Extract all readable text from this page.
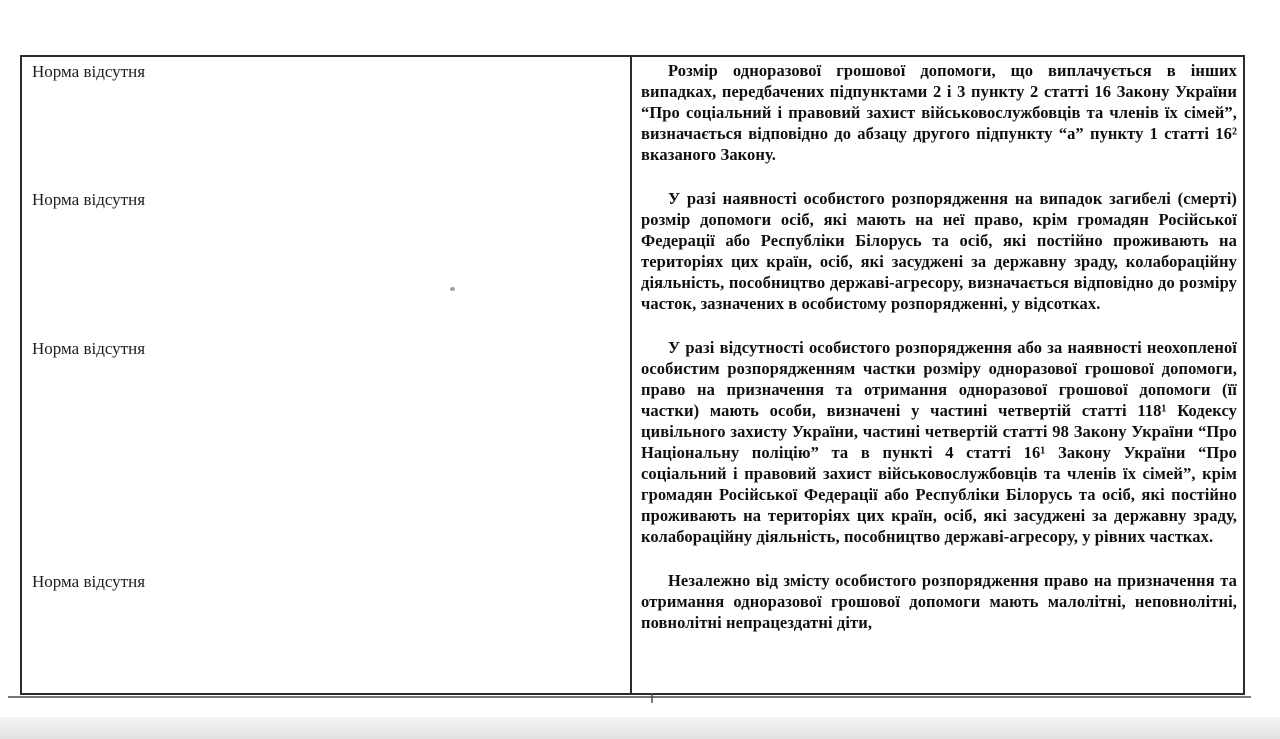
Норма відсутня	Розмір одноразової грошової допомоги, що виплачується в інших випадках, передбачених підпунктами 2 і 3 пункту 2 статті 16 Закону України “Про соціальний і правовий захист військовослужбовців та членів їх сімей”, визначається відповідно до абзацу другого підпункту “а” пункту 1 статті 16² вказаного Закону.

Норма відсутня	У разі наявності особистого розпорядження на випадок загибелі (смерті) розмір допомоги осіб, які мають на неї право, крім громадян Російської Федерації або Республіки Білорусь та осіб, які постійно проживають на територіях цих країн, осіб, які засуджені за державну зраду, колабораційну діяльність, пособництво державі-агресору, визначається відповідно до розміру часток, зазначених в особистому розпорядженні, у відсотках.

Норма відсутня	У разі відсутності особистого розпорядження або за наявності неохопленої особистим розпорядженням частки розміру одноразової грошової допомоги, право на призначення та отримання одноразової грошової допомоги (її частки) мають особи, визначені у частині четвертій статті 118¹ Кодексу цивільного захисту України, частині четвертій статті 98 Закону України “Про Національну поліцію” та в пункті 4 статті 16¹ Закону України “Про соціальний і правовий захист військовослужбовців та членів їх сімей”, крім громадян Російської Федерації або Республіки Білорусь та осіб, які постійно проживають на територіях цих країн, осіб, які засуджені за державну зраду, колабораційну діяльність, пособництво державі-агресору, у рівних частках.

Норма відсутня	Незалежно від змісту особистого розпорядження право на призначення та отримання одноразової грошової допомоги мають малолітні, неповнолітні, повнолітні непрацездатні діти,
